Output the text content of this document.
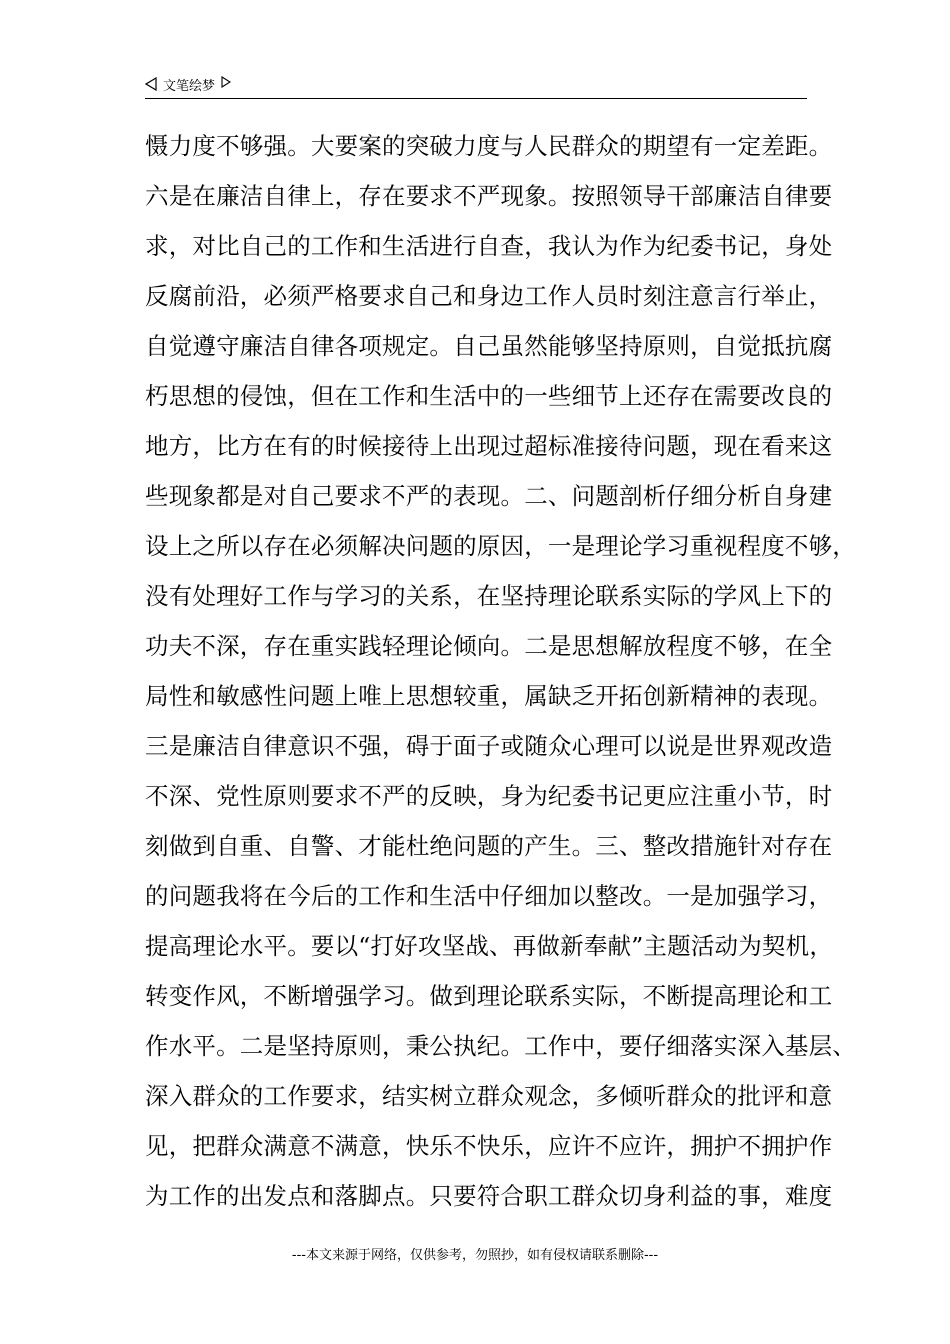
文笔绘梦
慑力度不够强。大要案的突破力度与人民群众的期望有一定差距。
六是在廉洁自律上，存在要求不严现象。按照领导干部廉洁自律要
求，对比自己的工作和生活进行自查，我认为作为纪委书记，身处
反腐前沿，必须严格要求自己和身边工作人员时刻注意言行举止，
自觉遵守廉洁自律各项规定。自己虽然能够坚持原则，自觉抵抗腐
朽思想的侵蚀，但在工作和生活中的一些细节上还存在需要改良的
地方，比方在有的时候接待上出现过超标准接待问题，现在看来这
些现象都是对自己要求不严的表现。二、问题剖析仔细分析自身建
设上之所以存在必须解决问题的原因，一是理论学习重视程度不够，
没有处理好工作与学习的关系，在坚持理论联系实际的学风上下的
功夫不深，存在重实践轻理论倾向。二是思想解放程度不够，在全
局性和敏感性问题上唯上思想较重，属缺乏开拓创新精神的表现。
三是廉洁自律意识不强，碍于面子或随众心理可以说是世界观改造
不深、党性原则要求不严的反映，身为纪委书记更应注重小节，时
刻做到自重、自警、才能杜绝问题的产生。三、整改措施针对存在
的问题我将在今后的工作和生活中仔细加以整改。一是加强学习，
提高理论水平。要以“打好攻坚战、再做新奉献”主题活动为契机，
转变作风，不断增强学习。做到理论联系实际，不断提高理论和工
作水平。二是坚持原则，秉公执纪。工作中，要仔细落实深入基层、
深入群众的工作要求，结实树立群众观念，多倾听群众的批评和意
见，把群众满意不满意，快乐不快乐，应许不应许，拥护不拥护作
为工作的出发点和落脚点。只要符合职工群众切身利益的事，难度
---本文来源于网络，仅供参考，勿照抄，如有侵权请联系删除---
